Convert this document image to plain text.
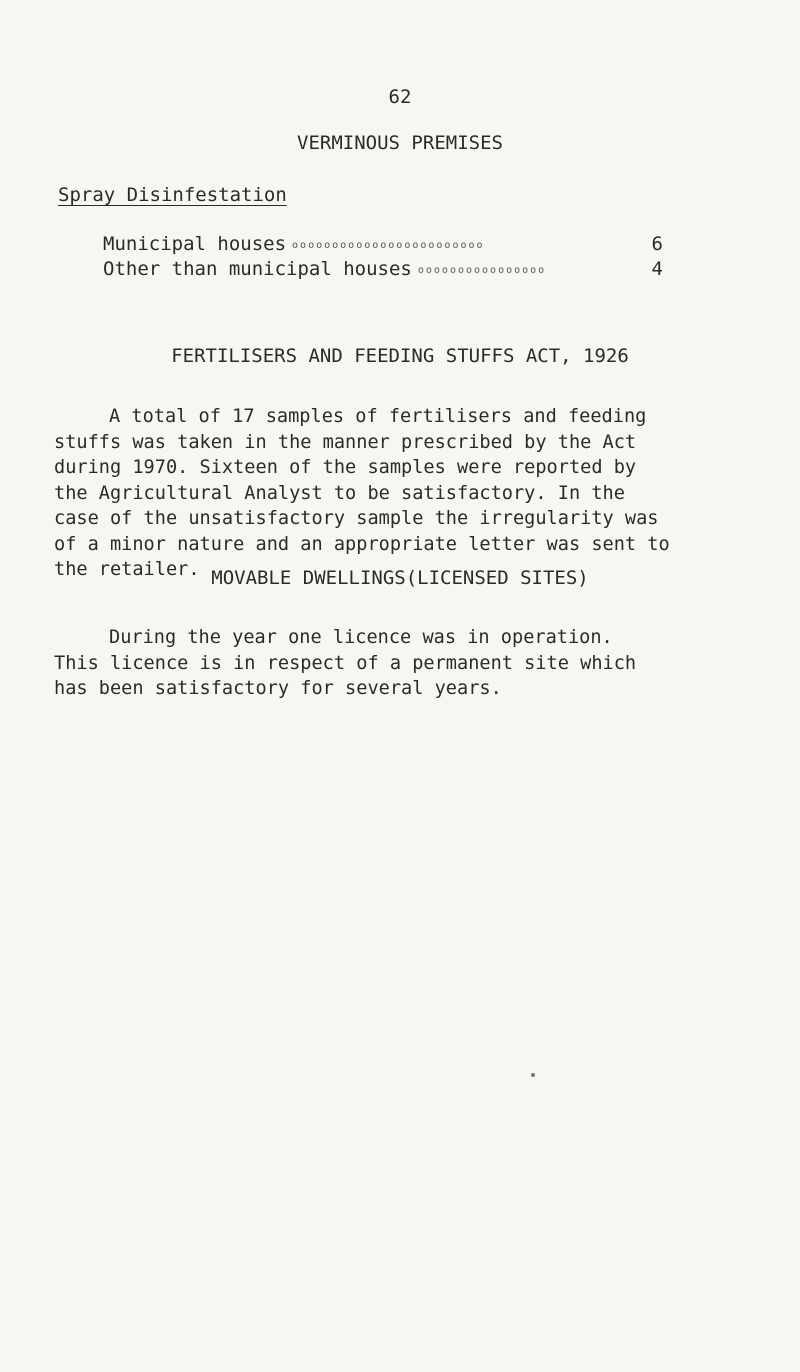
62
VERMINOUS PREMISES
Spray Disinfestation
Municipal houses oooooooooooooooooooooooo	6
Other than municipal houses oooooooooooooooo	4
FERTILISERS AND FEEDING STUFFS ACT, 1926
A total of 17 samples of fertilisers and feeding
stuffs was taken in the manner prescribed by the Act
during 1970. Sixteen of the samples were reported by
the Agricultural Analyst to be satisfactory. In the
case of the unsatisfactory sample the irregularity was
of a minor nature and an appropriate letter was sent to
the retailer. MOVABLE DWELLINGS(LICENSED SITES)
During the year one licence was in operation.
This licence is in respect of a permanent site which
has been satisfactory for several years.
